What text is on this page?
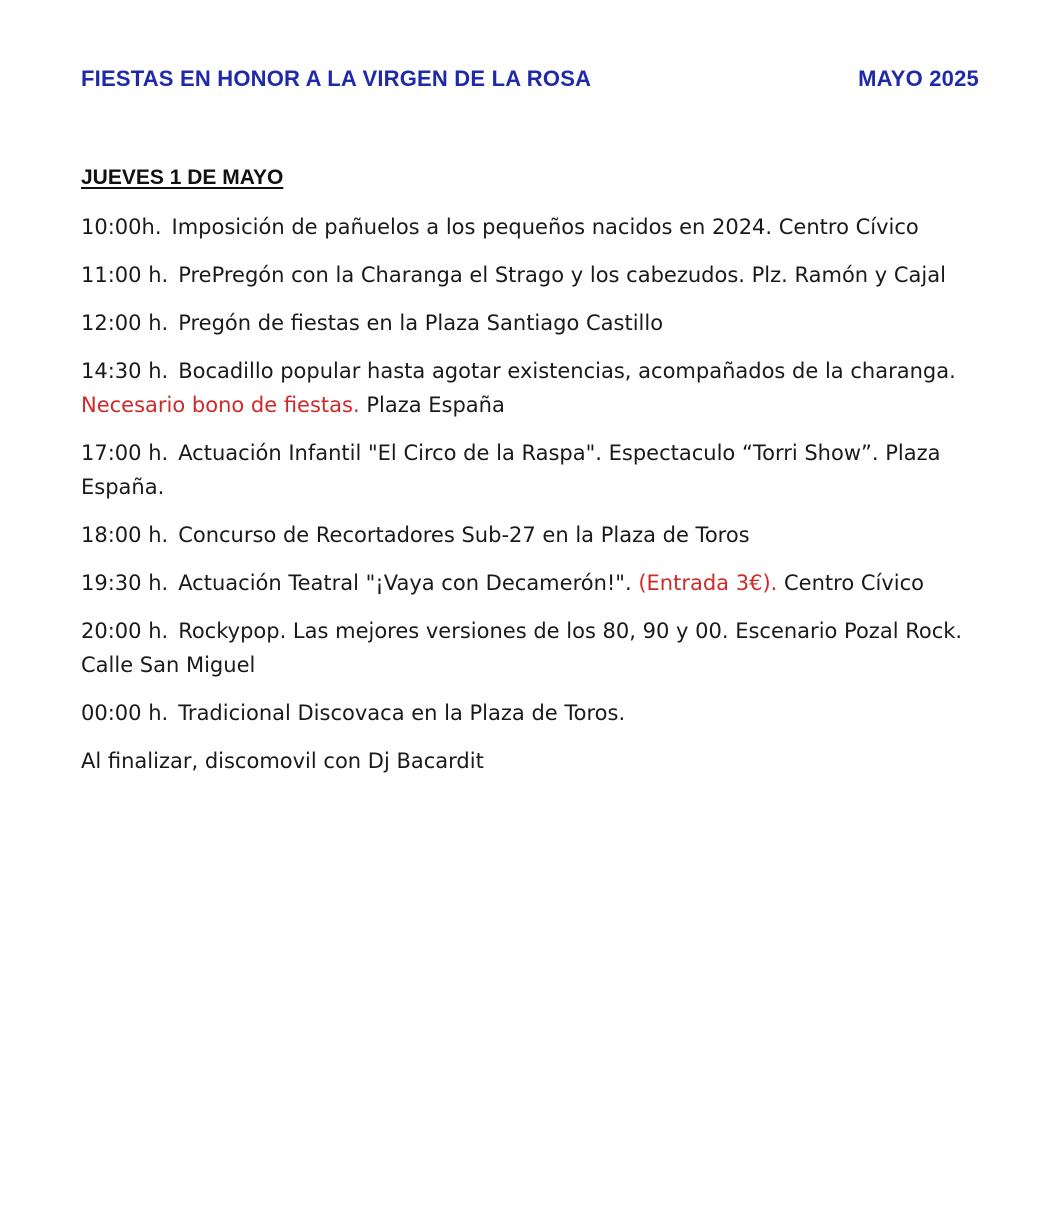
FIESTAS EN HONOR A LA VIRGEN DE LA ROSA	MAYO 2025
JUEVES 1 DE MAYO

10:00h. Imposición de pañuelos a los pequeños nacidos en 2024. Centro Cívico

11:00 h. PrePregón con la Charanga el Strago y los cabezudos. Plz. Ramón y Cajal

12:00 h. Pregón de fiestas en la Plaza Santiago Castillo

14:30 h. Bocadillo popular hasta agotar existencias, acompañados de la charanga.
Necesario bono de fiestas. Plaza España

17:00 h. Actuación Infantil "El Circo de la Raspa". Espectaculo “Torri Show”. Plaza España.

18:00 h. Concurso de Recortadores Sub-27 en la Plaza de Toros

19:30 h. Actuación Teatral "¡Vaya con Decamerón!". (Entrada 3€). Centro Cívico

20:00 h. Rockypop. Las mejores versiones de los 80, 90 y 00. Escenario Pozal Rock. Calle San Miguel

00:00 h. Tradicional Discovaca en la Plaza de Toros.

Al finalizar, discomovil con Dj Bacardit
